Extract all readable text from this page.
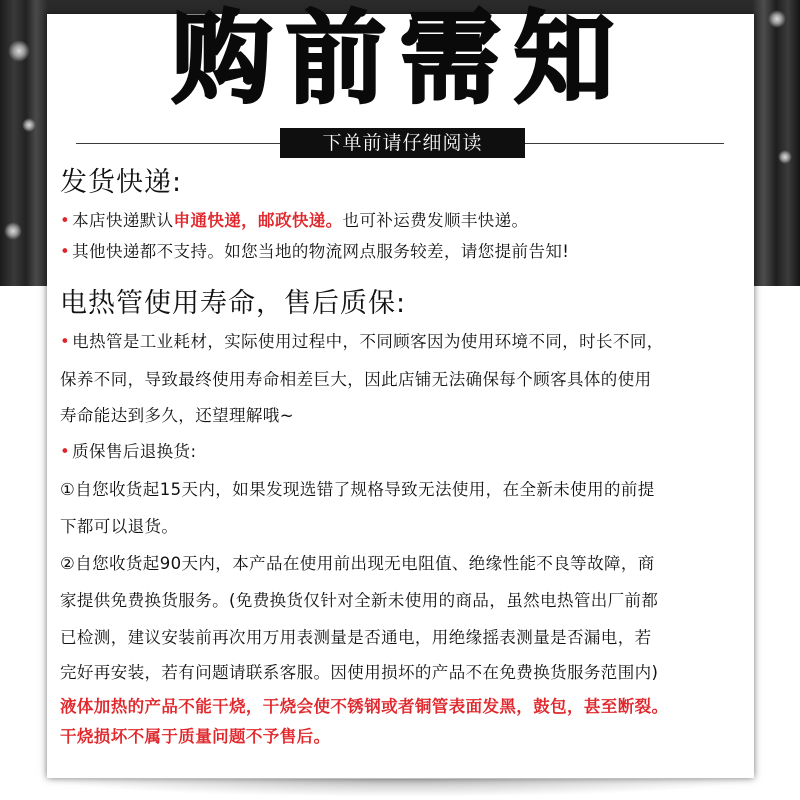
购前需知
下单前请仔细阅读
发货快递:
• 本店快递默认申通快递，邮政快递。也可补运费发顺丰快递。
• 其他快递都不支持。如您当地的物流网点服务较差，请您提前告知!
电热管使用寿命，售后质保:
• 电热管是工业耗材，实际使用过程中，不同顾客因为使用环境不同，时长不同，
保养不同，导致最终使用寿命相差巨大，因此店铺无法确保每个顾客具体的使用
寿命能达到多久，还望理解哦~
• 质保售后退换货:
①自您收货起15天内，如果发现选错了规格导致无法使用，在全新未使用的前提
下都可以退货。
②自您收货起90天内，本产品在使用前出现无电阻值、绝缘性能不良等故障，商
家提供免费换货服务。(免费换货仅针对全新未使用的商品，虽然电热管出厂前都
已检测，建议安装前再次用万用表测量是否通电，用绝缘摇表测量是否漏电，若
完好再安装，若有问题请联系客服。因使用损坏的产品不在免费换货服务范围内)
液体加热的产品不能干烧，干烧会使不锈钢或者铜管表面发黑，鼓包，甚至断裂。
干烧损坏不属于质量问题不予售后。
